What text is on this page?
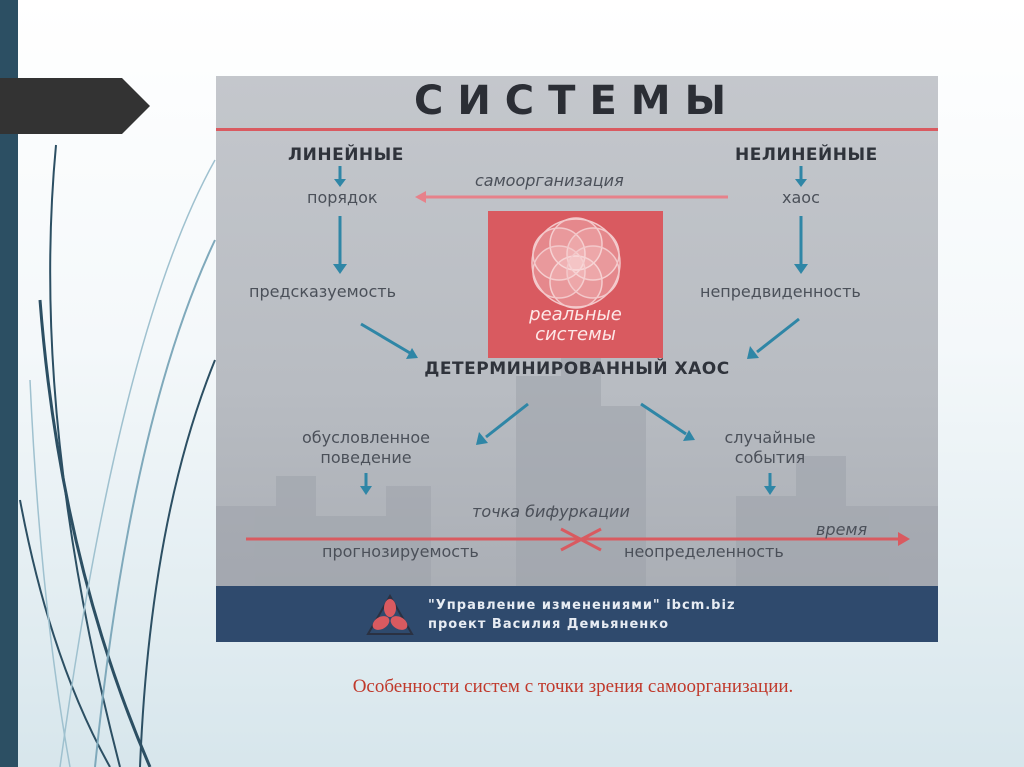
СИСТЕМЫ
ЛИНЕЙНЫЕ	НЕЛИНЕЙНЫЕ
самоорганизация
порядок	хаос
предсказуемость	непредвиденность
реальные
системы
ДЕТЕРМИНИРОВАННЫЙ ХАОС
обусловленное
поведение
случайные
события
точка бифуркации
время
прогнозируемость	неопределенность
"Управление изменениями" ibcm.biz
проект Василия Демьяненко
Особенности систем с точки зрения самоорганизации.
